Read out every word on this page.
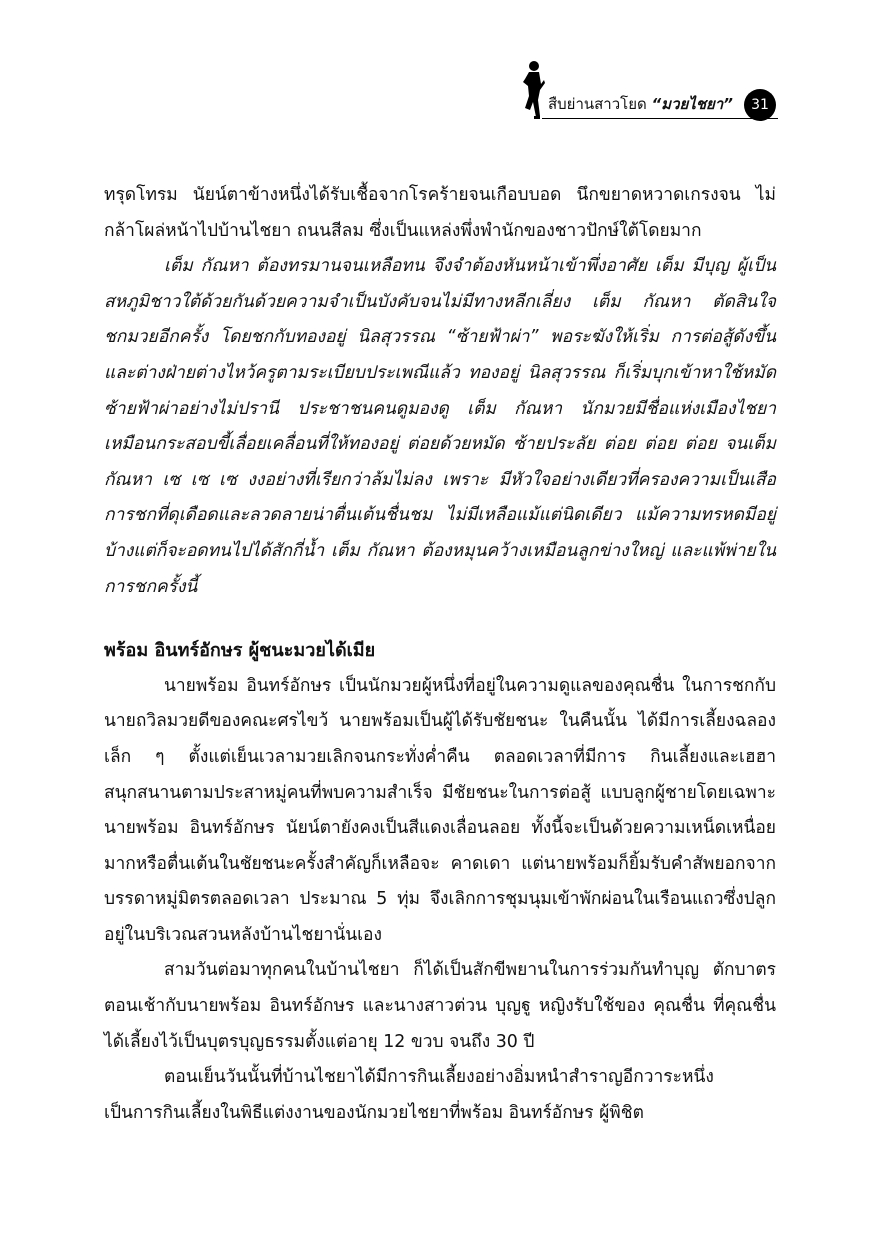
สืบย่านสาวโยด “มวยไชยา”	31

ทรุดโทรม นัยน์ตาข้างหนึ่งได้รับเชื้อจากโรคร้ายจนเกือบบอด นึกขยาดหวาดเกรงจน ไม่กล้าโผล่หน้าไปบ้านไชยา ถนนสีลม ซึ่งเป็นแหล่งพึ่งพำนักของชาวปักษ์ใต้โดยมาก

เต็ม กัณหา ต้องทรมานจนเหลือทน จึงจำต้องหันหน้าเข้าพึ่งอาศัย เต็ม มีบุญ ผู้เป็นสหภูมิชาวใต้ด้วยกันด้วยความจำเป็นบังคับจนไม่มีทางหลีกเลี่ยง เต็ม กัณหา ตัดสินใจชกมวยอีกครั้ง โดยชกกับทองอยู่ นิลสุวรรณ “ซ้ายฟ้าผ่า” พอระฆังให้เริ่ม การต่อสู้ดังขึ้น และต่างฝ่ายต่างไหว้ครูตามระเบียบประเพณีแล้ว ทองอยู่ นิลสุวรรณ ก็เริ่มบุกเข้าหาใช้หมัดซ้ายฟ้าผ่าอย่างไม่ปรานี ประชาชนคนดูมองดู เต็ม กัณหา นักมวยมีชื่อแห่งเมืองไชยา เหมือนกระสอบขี้เลื่อยเคลื่อนที่ให้ทองอยู่ ต่อยด้วยหมัด ซ้ายประลัย ต่อย ต่อย ต่อย จนเต็ม กัณหา เซ เซ เซ งงอย่างที่เรียกว่าล้มไม่ลง เพราะ มีหัวใจอย่างเดียวที่ครองความเป็นเสือ การชกที่ดุเดือดและลวดลายน่าตื่นเต้นชื่นชม ไม่มีเหลือแม้แต่นิดเดียว แม้ความทรหดมีอยู่บ้างแต่ก็จะอดทนไปได้สักกี่น้ำ เต็ม กัณหา ต้องหมุนคว้างเหมือนลูกข่างใหญ่ และแพ้พ่ายในการชกครั้งนี้

พร้อม อินทร์อักษร ผู้ชนะมวยได้เมีย

นายพร้อม อินทร์อักษร เป็นนักมวยผู้หนึ่งที่อยู่ในความดูแลของคุณชื่น ในการชกกับนายถวิลมวยดีของคณะศรไขว้ นายพร้อมเป็นผู้ได้รับชัยชนะ ในคืนนั้น ได้มีการเลี้ยงฉลองเล็ก ๆ ตั้งแต่เย็นเวลามวยเลิกจนกระทั่งค่ำคืน ตลอดเวลาที่มีการ กินเลี้ยงและเฮฮาสนุกสนานตามประสาหมู่คนที่พบความสำเร็จ มีชัยชนะในการต่อสู้ แบบลูกผู้ชายโดยเฉพาะนายพร้อม อินทร์อักษร นัยน์ตายังคงเป็นสีแดงเลื่อนลอย ทั้งนี้จะเป็นด้วยความเหน็ดเหนื่อยมากหรือตื่นเต้นในชัยชนะครั้งสำคัญก็เหลือจะ คาดเดา แต่นายพร้อมก็ยิ้มรับคำสัพยอกจากบรรดาหมู่มิตรตลอดเวลา ประมาณ 5 ทุ่ม จึงเลิกการชุมนุมเข้าพักผ่อนในเรือนแถวซึ่งปลูกอยู่ในบริเวณสวนหลังบ้านไชยานั่นเอง

สามวันต่อมาทุกคนในบ้านไชยา ก็ได้เป็นสักขีพยานในการร่วมกันทำบุญ ตักบาตรตอนเช้ากับนายพร้อม อินทร์อักษร และนางสาวต่วน บุญฐู หญิงรับใช้ของ คุณชื่น ที่คุณชื่นได้เลี้ยงไว้เป็นบุตรบุญธรรมตั้งแต่อายุ 12 ขวบ จนถึง 30 ปี

ตอนเย็นวันนั้นที่บ้านไชยาได้มีการกินเลี้ยงอย่างอิ่มหนำสำราญอีกวาระหนึ่ง เป็นการกินเลี้ยงในพิธีแต่งงานของนักมวยไชยาที่พร้อม อินทร์อักษร ผู้พิชิต
